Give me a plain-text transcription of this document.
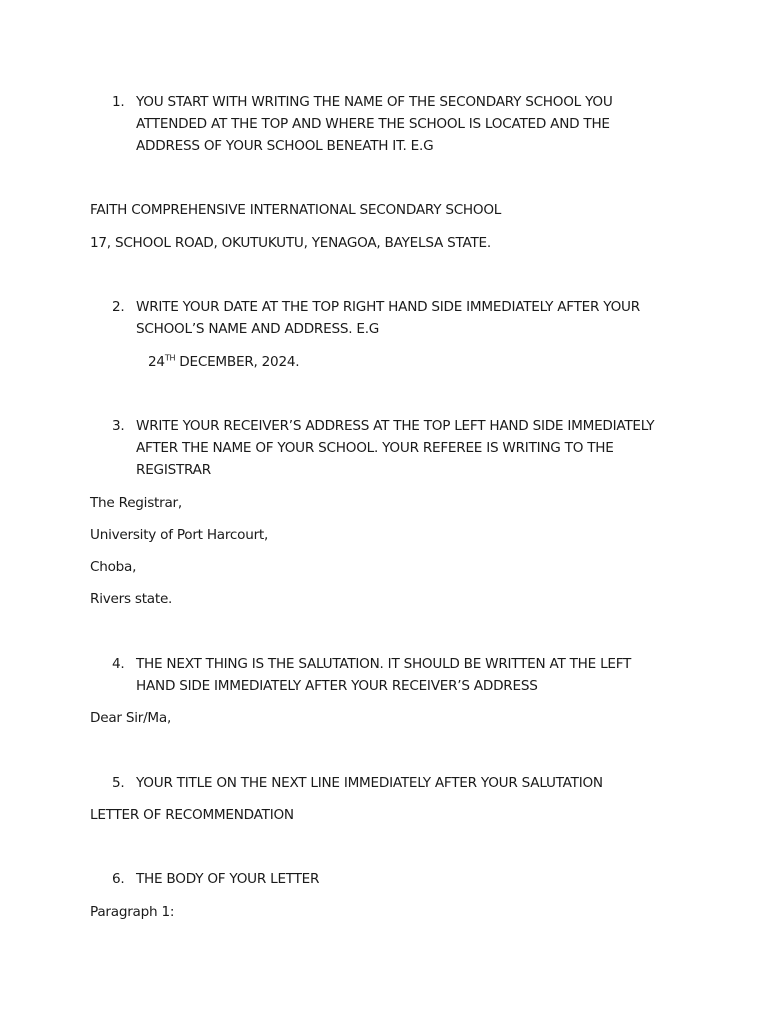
1. YOU START WITH WRITING THE NAME OF THE SECONDARY SCHOOL YOU ATTENDED AT THE TOP AND WHERE THE SCHOOL IS LOCATED AND THE ADDRESS OF YOUR SCHOOL BENEATH IT. E.G
FAITH COMPREHENSIVE INTERNATIONAL SECONDARY SCHOOL
17, SCHOOL ROAD, OKUTUKUTU, YENAGOA, BAYELSA STATE.
2. WRITE YOUR DATE AT THE TOP RIGHT HAND SIDE IMMEDIATELY AFTER YOUR SCHOOL’S NAME AND ADDRESS. E.G
24TH DECEMBER, 2024.
3. WRITE YOUR RECEIVER’S ADDRESS AT THE TOP LEFT HAND SIDE IMMEDIATELY AFTER THE NAME OF YOUR SCHOOL. YOUR REFEREE IS WRITING TO THE REGISTRAR
The Registrar,
University of Port Harcourt,
Choba,
Rivers state.
4. THE NEXT THING IS THE SALUTATION. IT SHOULD BE WRITTEN AT THE LEFT HAND SIDE IMMEDIATELY AFTER YOUR RECEIVER’S ADDRESS
Dear Sir/Ma,
5. YOUR TITLE ON THE NEXT LINE IMMEDIATELY AFTER YOUR SALUTATION
LETTER OF RECOMMENDATION
6. THE BODY OF YOUR LETTER
Paragraph 1:
